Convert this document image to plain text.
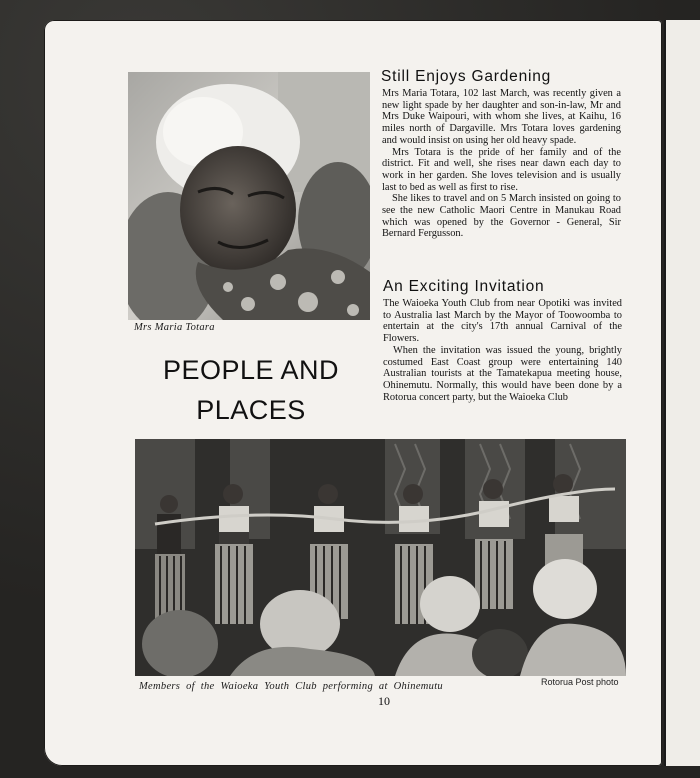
Mrs Maria Totara
PEOPLE AND
PLACES
Still Enjoys Gardening

Mrs Maria Totara, 102 last March, was recently given a new light spade by her daughter and son-in-law, Mr and Mrs Duke Waipouri, with whom she lives, at Kaihu, 16 miles north of Dargaville. Mrs Totara loves gardening and would insist on using her old heavy spade.

Mrs Totara is the pride of her family and of the district. Fit and well, she rises near dawn each day to work in her garden. She loves television and is usually last to bed as well as first to rise.

She likes to travel and on 5 March insisted on going to see the new Catholic Maori Centre in Manukau Road which was opened by the Governor - General, Sir Bernard Fergusson.

An Exciting Invitation

The Waioeka Youth Club from near Opotiki was invited to Australia last March by the Mayor of Toowoomba to entertain at the city's 17th annual Carnival of the Flowers.

When the invitation was issued the young, brightly costumed East Coast group were entertaining 140 Australian tourists at the Tamatekapua meeting house, Ohinemutu. Normally, this would have been done by a Rotorua concert party, but the Waioeka Club

Members of the Waioeka Youth Club performing at Ohinemutu	Rotorua Post photo
10
